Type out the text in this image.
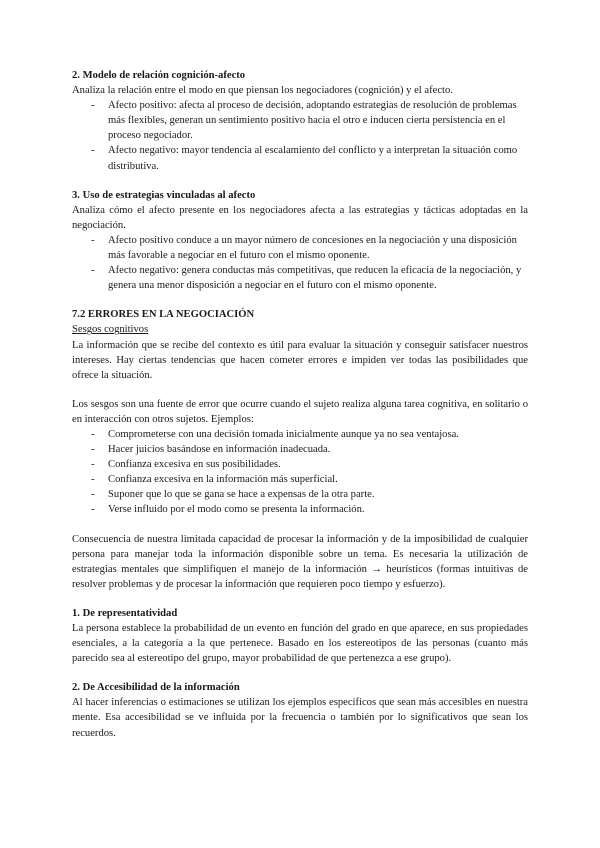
2. Modelo de relación cognición-afecto

Analiza la relación entre el modo en que piensan los negociadores (cognición) y el afecto.

- Afecto positivo: afecta al proceso de decisión, adoptando estrategias de resolución de problemas más flexibles, generan un sentimiento positivo hacia el otro e inducen cierta persistencia en el proceso negociador.
- Afecto negativo: mayor tendencia al escalamiento del conflicto y a interpretan la situación como distributiva.
3. Uso de estrategias vinculadas al afecto

Analiza cómo el afecto presente en los negociadores afecta a las estrategias y tácticas adoptadas en la negociación.

- Afecto positivo conduce a un mayor número de concesiones en la negociación y una disposición más favorable a negociar en el futuro con el mismo oponente.
- Afecto negativo: genera conductas más competitivas, que reducen la eficacia de la negociación, y genera una menor disposición a negociar en el futuro con el mismo oponente.
7.2 ERRORES EN LA NEGOCIACIÓN
Sesgos cognitivos

La información que se recibe del contexto es útil para evaluar la situación y conseguir satisfacer nuestros intereses. Hay ciertas tendencias que hacen cometer errores e impiden ver todas las posibilidades que ofrece la situación.

Los sesgos son una fuente de error que ocurre cuando el sujeto realiza alguna tarea cognitiva, en solitario o en interacción con otros sujetos. Ejemplos:

- Comprometerse con una decisión tomada inicialmente aunque ya no sea ventajosa.
- Hacer juicios basándose en información inadecuada.
- Confianza excesiva en sus posibilidades.
- Confianza excesiva en la información más superficial.
- Suponer que lo que se gana se hace a expensas de la otra parte.
- Verse influido por el modo como se presenta la información.

Consecuencia de nuestra limitada capacidad de procesar la información y de la imposibilidad de cualquier persona para manejar toda la información disponible sobre un tema. Es necesaria la utilización de estrategias mentales que simplifiquen el manejo de la información → heurísticos (formas intuitivas de resolver problemas y de procesar la información que requieren poco tiempo y esfuerzo).

1. De representatividad

La persona establece la probabilidad de un evento en función del grado en que aparece, en sus propiedades esenciales, a la categoría a la que pertenece. Basado en los estereotipos de las personas (cuanto más parecido sea al estereotipo del grupo, mayor probabilidad de que pertenezca a ese grupo).

2. De Accesibilidad de la información

Al hacer inferencias o estimaciones se utilizan los ejemplos específicos que sean más accesibles en nuestra mente. Esa accesibilidad se ve influida por la frecuencia o también por lo significativos que sean los recuerdos.
